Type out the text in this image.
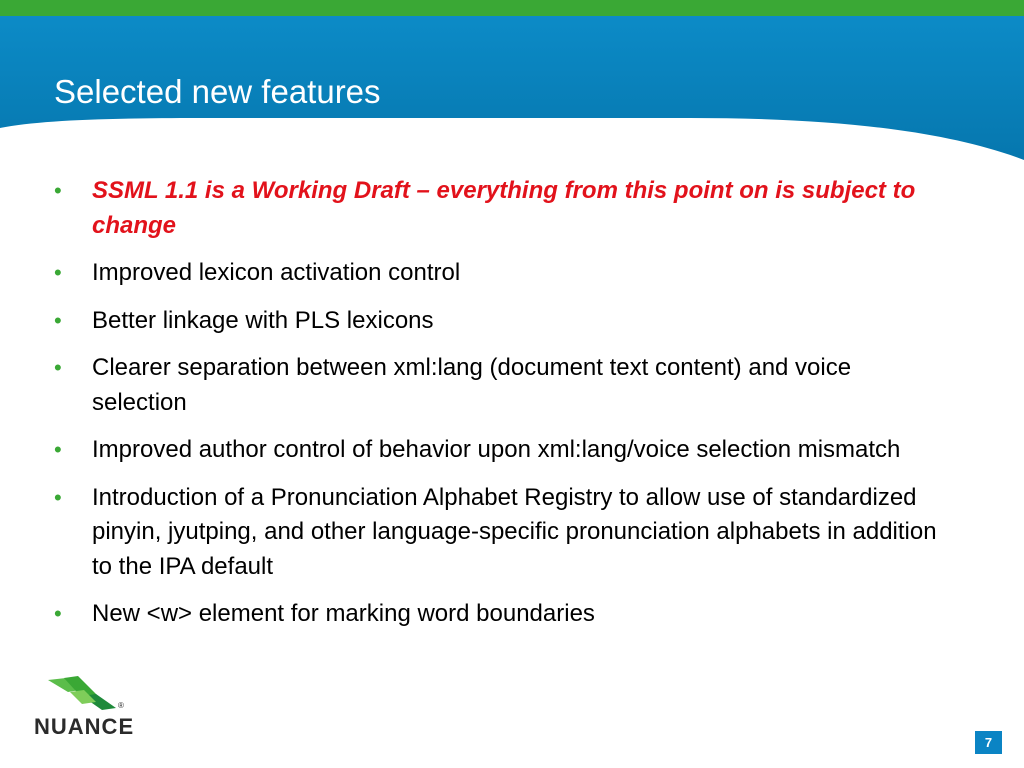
Selected new features
• SSML 1.1 is a Working Draft – everything from this point on is subject to change
• Improved lexicon activation control
• Better linkage with PLS lexicons
• Clearer separation between xml:lang (document text content) and voice selection
• Improved author control of behavior upon xml:lang/voice selection mismatch
• Introduction of a Pronunciation Alphabet Registry to allow use of standardized pinyin, jyutping, and other language-specific pronunciation alphabets in addition to the IPA default
• New <w> element for marking word boundaries
®
NUANCE
7
